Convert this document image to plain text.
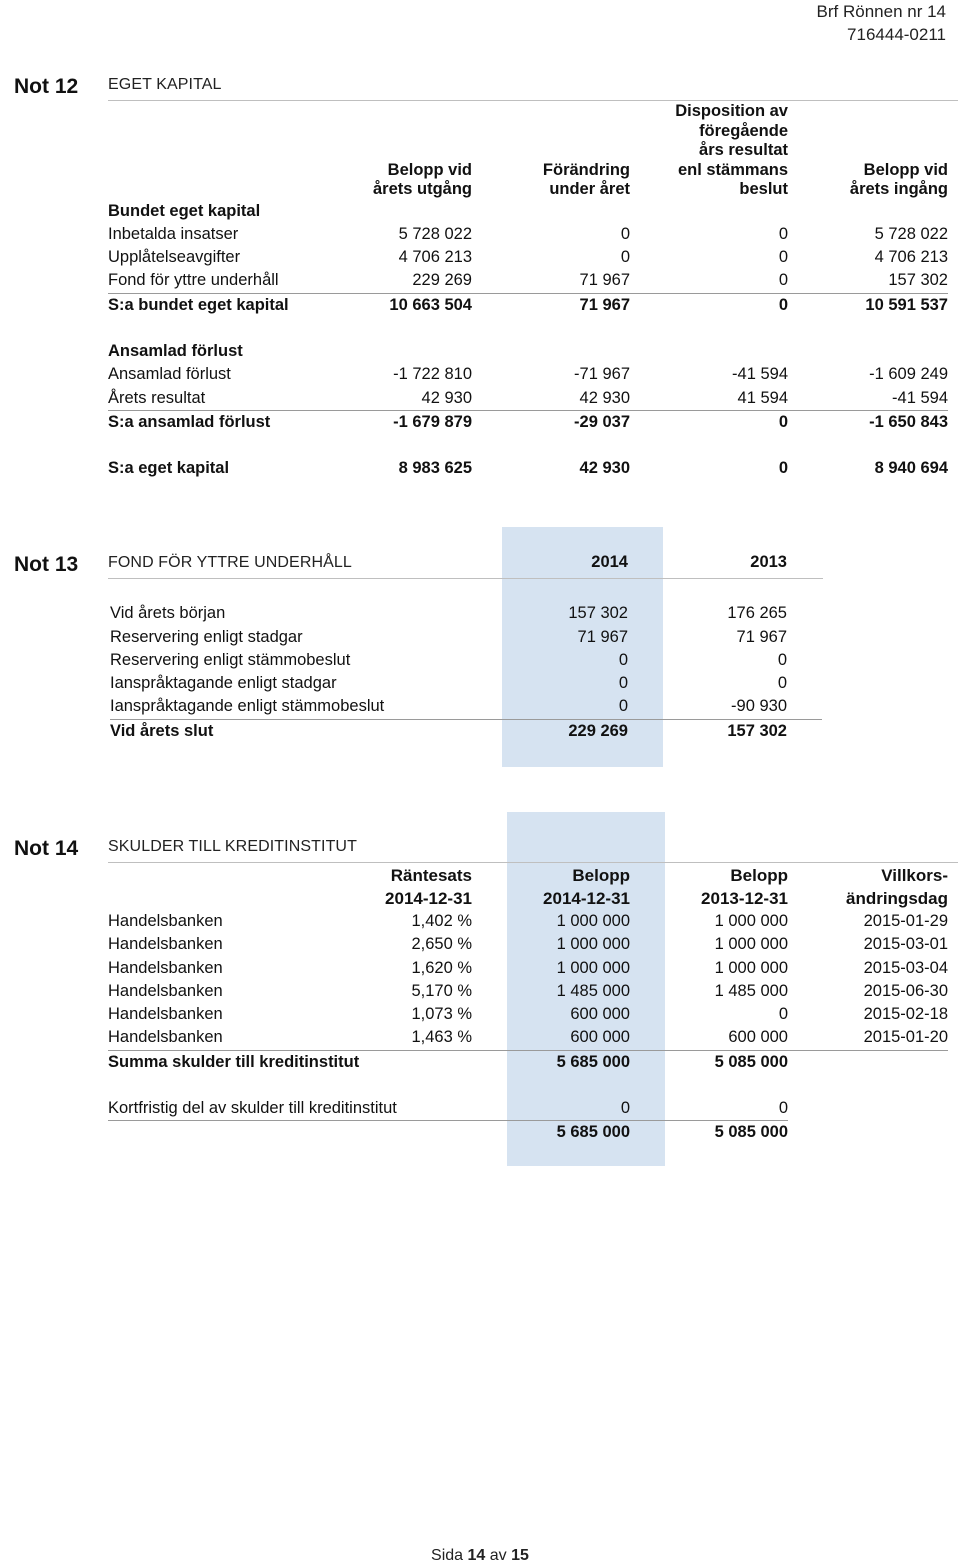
Brf Rönnen nr 14
716444-0211
Not 12 EGET KAPITAL
	Belopp vid
årets utgång	Förändring
under året	Disposition av
föregående
års resultat
enl stämmans
beslut	Belopp vid
årets ingång
Bundet eget kapital				
Inbetalda insatser	5 728 022	0	0	5 728 022
Upplåtelseavgifter	4 706 213	0	0	4 706 213
Fond för yttre underhåll	229 269	71 967	0	157 302
S:a bundet eget kapital	10 663 504	71 967	0	10 591 537

Ansamlad förlust				
Ansamlad förlust	-1 722 810	-71 967	-41 594	-1 609 249
Årets resultat	42 930	42 930	41 594	-41 594
S:a ansamlad förlust	-1 679 879	-29 037	0	-1 650 843

S:a eget kapital	8 983 625	42 930	0	8 940 694
Not 13 FOND FÖR YTTRE UNDERHÅLL
		2014	2013	

Vid årets början	157 302	176 265	
Reservering enligt stadgar	71 967	71 967	
Reservering enligt stämmobeslut	0	0	
Ianspråktagande enligt stadgar	0	0	
Ianspråktagande enligt stämmobeslut	0	-90 930	
Vid årets slut	229 269	157 302	
Not 14 SKULDER TILL KREDITINSTITUT
	Räntesats
2014-12-31	Belopp
2014-12-31	Belopp
2013-12-31	Villkors-
ändringsdag
Handelsbanken	1,402 %	1 000 000	1 000 000	2015-01-29
Handelsbanken	2,650 %	1 000 000	1 000 000	2015-03-01
Handelsbanken	1,620 %	1 000 000	1 000 000	2015-03-04
Handelsbanken	5,170 %	1 485 000	1 485 000	2015-06-30
Handelsbanken	1,073 %	600 000	0	2015-02-18
Handelsbanken	1,463 %	600 000	600 000	2015-01-20
Summa skulder till kreditinstitut		5 685 000	5 085 000	

Kortfristig del av skulder till kreditinstitut		0	0	
		5 685 000	5 085 000	
Sida 14 av 15
